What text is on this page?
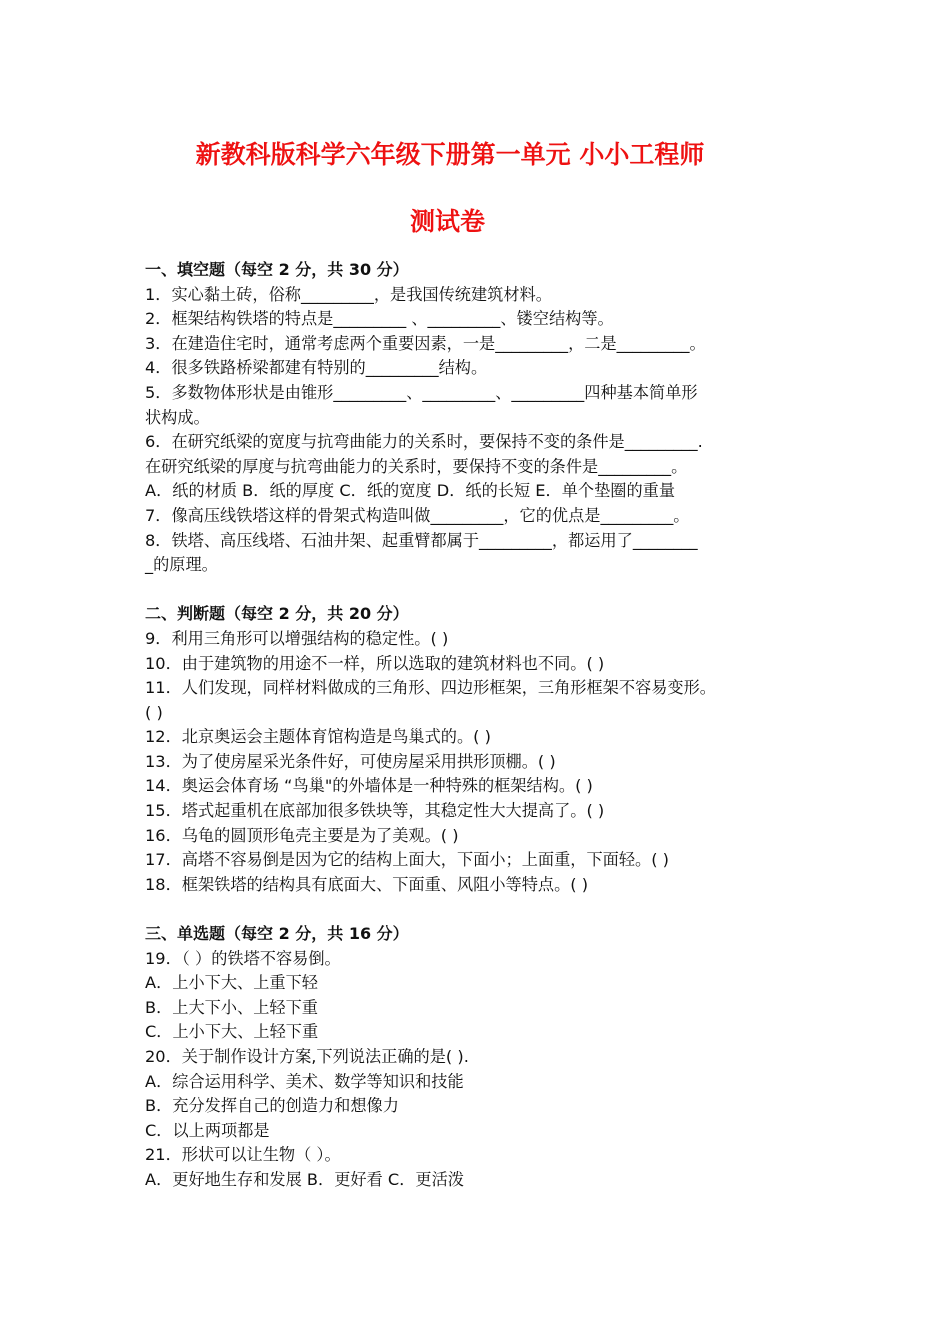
新教科版科学六年级下册第一单元 小小工程师
测试卷
一、填空题（每空 2 分，共 30 分）
1．实心黏土砖，俗称_________，是我国传统建筑材料。
2．框架结构铁塔的特点是_________ 、_________、镂空结构等。
3．在建造住宅时，通常考虑两个重要因素，一是_________，二是_________。
4．很多铁路桥梁都建有特别的_________结构。
5．多数物体形状是由锥形_________、_________、_________四种基本简单形
状构成。
6．在研究纸梁的宽度与抗弯曲能力的关系时，要保持不变的条件是_________.
在研究纸梁的厚度与抗弯曲能力的关系时，要保持不变的条件是_________。
A．纸的材质 B．纸的厚度 C．纸的宽度 D．纸的长短 E．单个垫圈的重量
7．像高压线铁塔这样的骨架式构造叫做_________，它的优点是_________。
8．铁塔、高压线塔、石油井架、起重臂都属于_________，都运用了________
_的原理。
二、判断题（每空 2 分，共 20 分）
9．利用三角形可以增强结构的稳定性。( )
10．由于建筑物的用途不一样，所以选取的建筑材料也不同。( )
11．人们发现，同样材料做成的三角形、四边形框架，三角形框架不容易变形。
( )
12．北京奥运会主题体育馆构造是鸟巢式的。( )
13．为了使房屋采光条件好，可使房屋采用拱形顶棚。( )
14．奥运会体育场 “鸟巢"的外墙体是一种特殊的框架结构。( )
15．塔式起重机在底部加很多铁块等，其稳定性大大提高了。( )
16．乌龟的圆顶形龟壳主要是为了美观。( )
17．高塔不容易倒是因为它的结构上面大，下面小；上面重，下面轻。( )
18．框架铁塔的结构具有底面大、下面重、风阻小等特点。( )
三、单选题（每空 2 分，共 16 分）
19．（ ）的铁塔不容易倒。
A．上小下大、上重下轻
B．上大下小、上轻下重
C．上小下大、上轻下重
20．关于制作设计方案,下列说法正确的是( ).
A．综合运用科学、美术、数学等知识和技能
B．充分发挥自己的创造力和想像力
C．以上两项都是
21．形状可以让生物（ ）。
A．更好地生存和发展 B．更好看 C．更活泼
